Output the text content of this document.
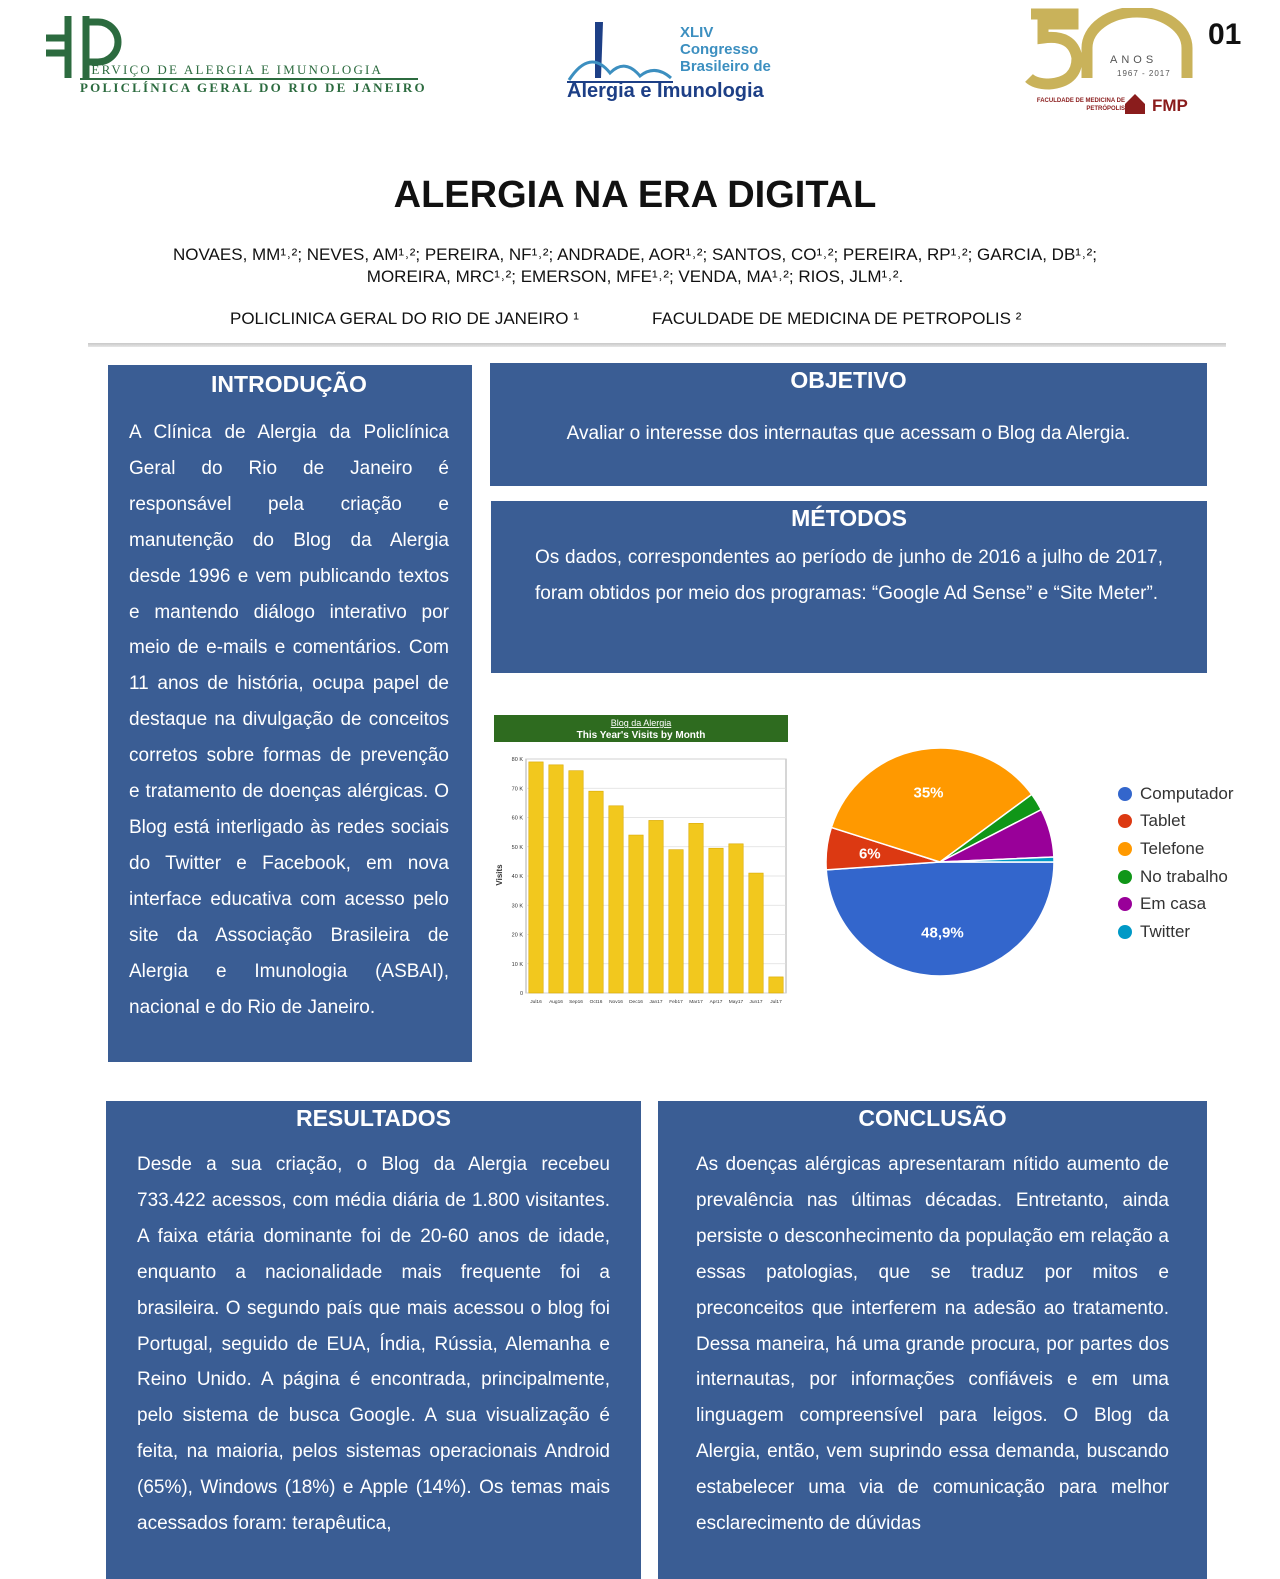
SERVIÇO DE ALERGIA E IMUNOLOGIA
POLICLÍNICA GERAL DO RIO DE JANEIRO
XLIV
Congresso
Brasileiro de
Alergia e Imunologia
ANOS
1967 - 2017
FACULDADE DE MEDICINA DE PETRÓPOLIS FMP
01
ALERGIA NA ERA DIGITAL
NOVAES, MM¹˒²; NEVES, AM¹˒²; PEREIRA, NF¹˒²; ANDRADE, AOR¹˒²; SANTOS, CO¹˒²; PEREIRA, RP¹˒²; GARCIA, DB¹˒²;
MOREIRA, MRC¹˒²; EMERSON, MFE¹˒²; VENDA, MA¹˒²; RIOS, JLM¹˒².
POLICLINICA GERAL DO RIO DE JANEIRO ¹	FACULDADE DE MEDICINA DE PETROPOLIS ²
INTRODUÇÃO

A Clínica de Alergia da Policlínica Geral do Rio de Janeiro é responsável pela criação e manutenção do Blog da Alergia desde 1996 e vem publicando textos e mantendo diálogo interativo por meio de e-mails e comentários. Com 11 anos de história, ocupa papel de destaque na divulgação de conceitos corretos sobre formas de prevenção e tratamento de doenças alérgicas. O Blog está interligado às redes sociais do Twitter e Facebook, em nova interface educativa com acesso pelo site da Associação Brasileira de Alergia e Imunologia (ASBAI), nacional e do Rio de Janeiro.

OBJETIVO

Avaliar o interesse dos internautas que acessam o Blog da Alergia.

MÉTODOS

Os dados, correspondentes ao período de junho de 2016 a julho de 2017, foram obtidos por meio dos programas: “Google Ad Sense” e “Site Meter”.

Blog da Alergia
This Year's Visits by Month
Visits
0
10 K
20 K
30 K
40 K
50 K
60 K
70 K
80 K
Jul16 Aug16 Sep16 Oct16 Nov16 Dec16 Jan17 Feb17 Mar17 Apr17 May17 Jun17 Jul17
48,9%
6%
35%	Computador
Tablet
Telefone
No trabalho
Em casa
Twitter
RESULTADOS

Desde a sua criação, o Blog da Alergia recebeu 733.422 acessos, com média diária de 1.800 visitantes. A faixa etária dominante foi de 20-60 anos de idade, enquanto a nacionalidade mais frequente foi a brasileira. O segundo país que mais acessou o blog foi Portugal, seguido de EUA, Índia, Rússia, Alemanha e Reino Unido. A página é encontrada, principalmente, pelo sistema de busca Google. A sua visualização é feita, na maioria, pelos sistemas operacionais Android (65%), Windows (18%) e Apple (14%). Os temas mais acessados foram: terapêutica,

CONCLUSÃO

As doenças alérgicas apresentaram nítido aumento de prevalência nas últimas décadas. Entretanto, ainda persiste o desconhecimento da população em relação a essas patologias, que se traduz por mitos e preconceitos que interferem na adesão ao tratamento. Dessa maneira, há uma grande procura, por partes dos internautas, por informações confiáveis e em uma linguagem compreensível para leigos. O Blog da Alergia, então, vem suprindo essa demanda, buscando estabelecer uma via de comunicação para melhor esclarecimento de dúvidas
